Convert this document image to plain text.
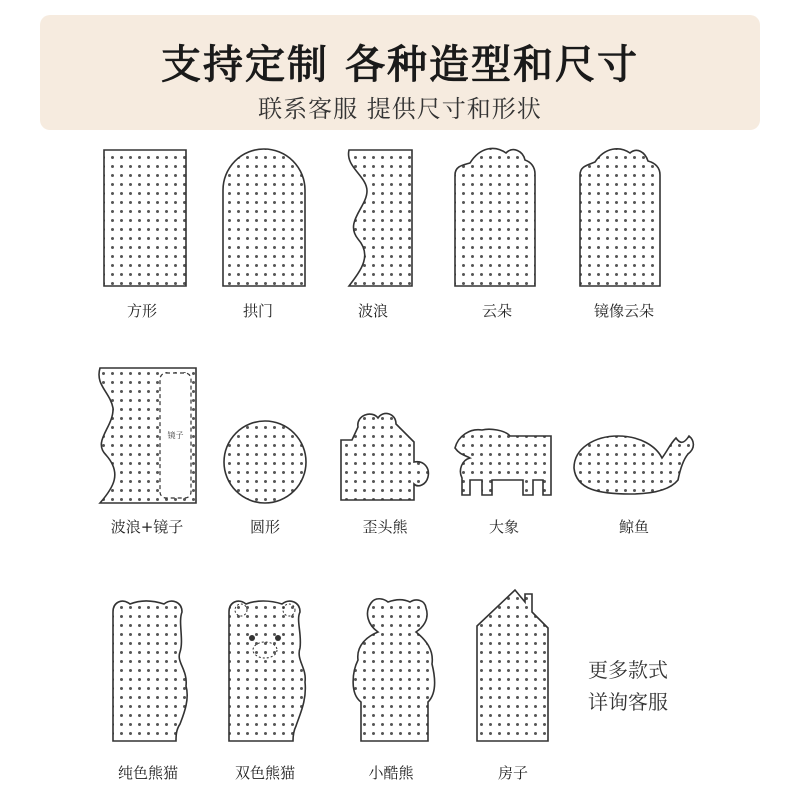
支持定制 各种造型和尺寸
联系客服 提供尺寸和形状
镜子
方形	拱门	波浪	云朵	镜像云朵
波浪+镜子	圆形	歪头熊	大象	鲸鱼
纯色熊猫	双色熊猫	小酷熊	房子
更多款式
详询客服
